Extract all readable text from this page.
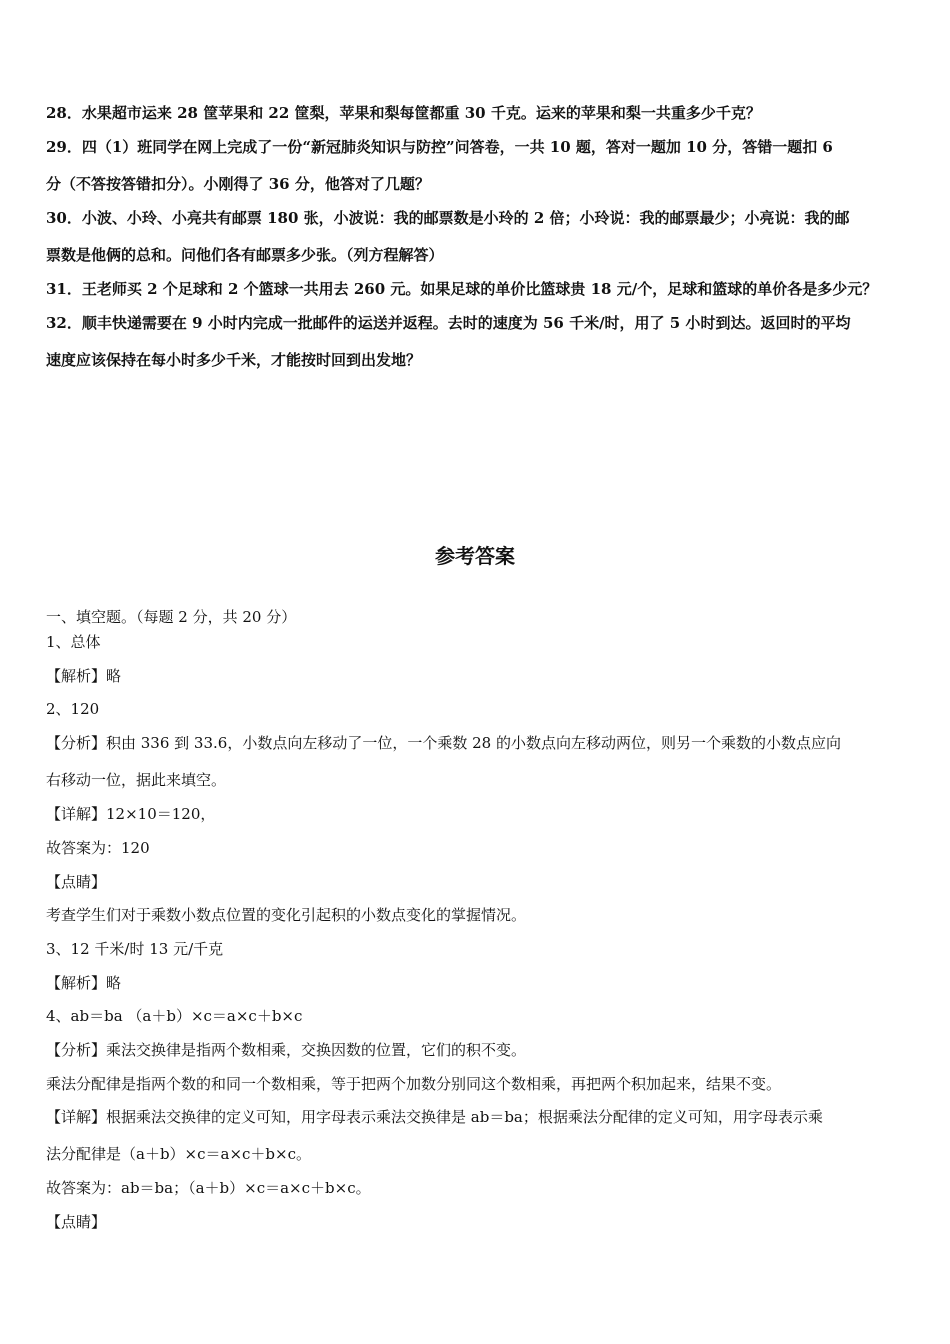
28．水果超市运来 28 筐苹果和 22 筐梨，苹果和梨每筐都重 30 千克。运来的苹果和梨一共重多少千克？
29．四（1）班同学在网上完成了一份“新冠肺炎知识与防控”问答卷，一共 10 题，答对一题加 10 分，答错一题扣 6
分（不答按答错扣分）。小刚得了 36 分，他答对了几题？
30．小波、小玲、小亮共有邮票 180 张，小波说：我的邮票数是小玲的 2 倍；小玲说：我的邮票最少；小亮说：我的邮
票数是他俩的总和。问他们各有邮票多少张。（列方程解答）
31．王老师买 2 个足球和 2 个篮球一共用去 260 元。如果足球的单价比篮球贵 18 元/个，足球和篮球的单价各是多少元？
32．顺丰快递需要在 9 小时内完成一批邮件的运送并返程。去时的速度为 56 千米/时，用了 5 小时到达。返回时的平均
速度应该保持在每小时多少千米，才能按时回到出发地？
参考答案
一、填空题。（每题 2 分，共 20 分）
1、总体
【解析】略
2、120
【分析】积由 336 到 33.6，小数点向左移动了一位，一个乘数 28 的小数点向左移动两位，则另一个乘数的小数点应向
右移动一位，据此来填空。
【详解】12×10＝120，
故答案为：120
【点睛】
考查学生们对于乘数小数点位置的变化引起积的小数点变化的掌握情况。
3、12 千米/时 13 元/千克
【解析】略
4、ab＝ba （a＋b）×c＝a×c＋b×c
【分析】乘法交换律是指两个数相乘，交换因数的位置，它们的积不变。
乘法分配律是指两个数的和同一个数相乘，等于把两个加数分别同这个数相乘，再把两个积加起来，结果不变。
【详解】根据乘法交换律的定义可知，用字母表示乘法交换律是 ab＝ba；根据乘法分配律的定义可知，用字母表示乘
法分配律是（a＋b）×c＝a×c＋b×c。
故答案为：ab＝ba；（a＋b）×c＝a×c＋b×c。
【点睛】
